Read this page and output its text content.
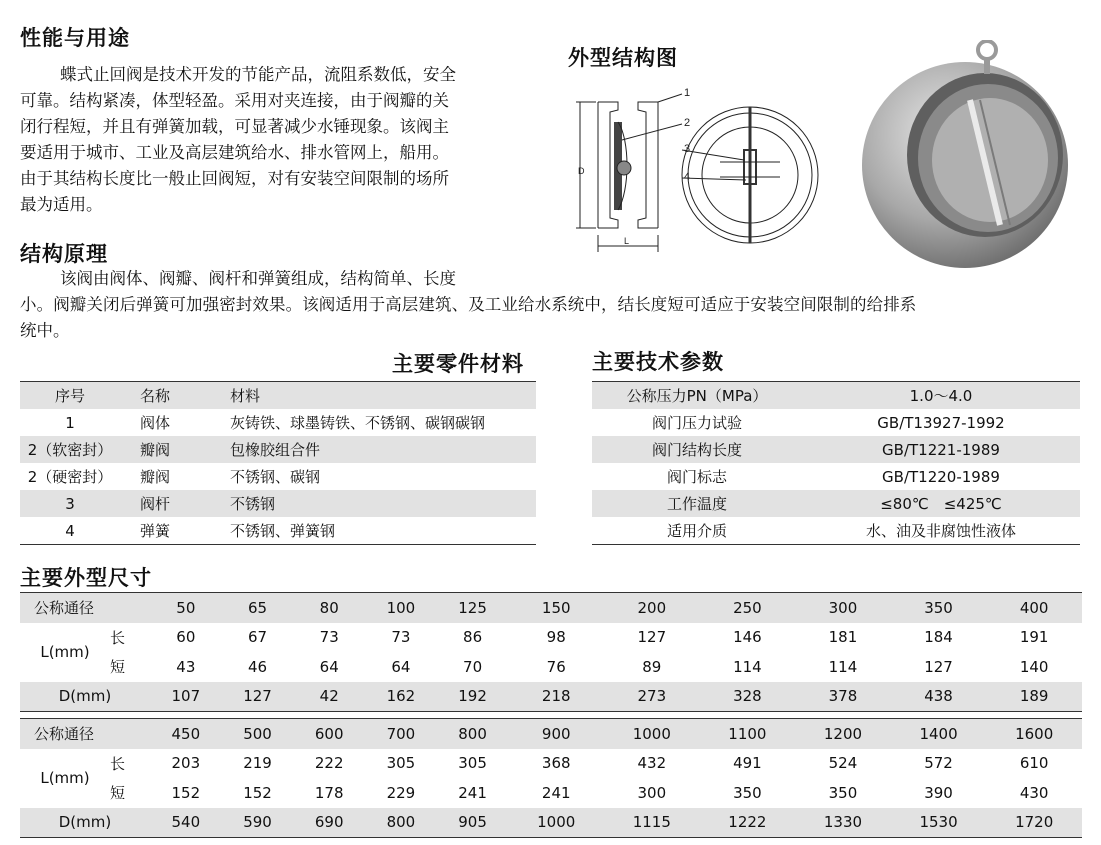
性能与用途
蝶式止回阀是技术开发的节能产品，流阻系数低，安全
可靠。结构紧凑，体型轻盈。采用对夹连接，由于阀瓣的关
闭行程短，并且有弹簧加载，可显著减少水锤现象。该阀主
要适用于城市、工业及高层建筑给水、排水管网上，船用。
由于其结构长度比一般止回阀短，对有安装空间限制的场所
最为适用。
结构原理
该阀由阀体、阀瓣、阀杆和弹簧组成，结构简单、长度
小。阀瓣关闭后弹簧可加强密封效果。该阀适用于高层建筑、及工业给水系统中，结长度短可适应于安装空间限制的给排系
统中。
外型结构图
D
L
1
2
3
4
主要零件材料
序号	名称	材料
1	阀体	灰铸铁、球墨铸铁、不锈钢、碳钢碳钢
2（软密封）	瓣阀	包橡胶组合件
2（硬密封）	瓣阀	不锈钢、碳钢
3	阀杆	不锈钢
4	弹簧	不锈钢、弹簧钢
主要技术参数
公称压力PN（MPa）	1.0～4.0
阀门压力试验	GB/T13927-1992
阀门结构长度	GB/T1221-1989
阀门标志	GB/T1220-1989
工作温度	≤80℃　≤425℃
适用介质	水、油及非腐蚀性液体
主要外型尺寸
公称通径		50	65	80	100	125	150	200	250	300	350	400
L(mm)	长	60	67	73	73	86	98	127	146	181	184	191
	短	43	46	64	64	70	76	89	114	114	127	140
D(mm)		107	127	42	162	192	218	273	328	378	438	189

公称通径		450	500	600	700	800	900	1000	1100	1200	1400	1600
L(mm)	长	203	219	222	305	305	368	432	491	524	572	610
	短	152	152	178	229	241	241	300	350	350	390	430
D(mm)		540	590	690	800	905	1000	1115	1222	1330	1530	1720
